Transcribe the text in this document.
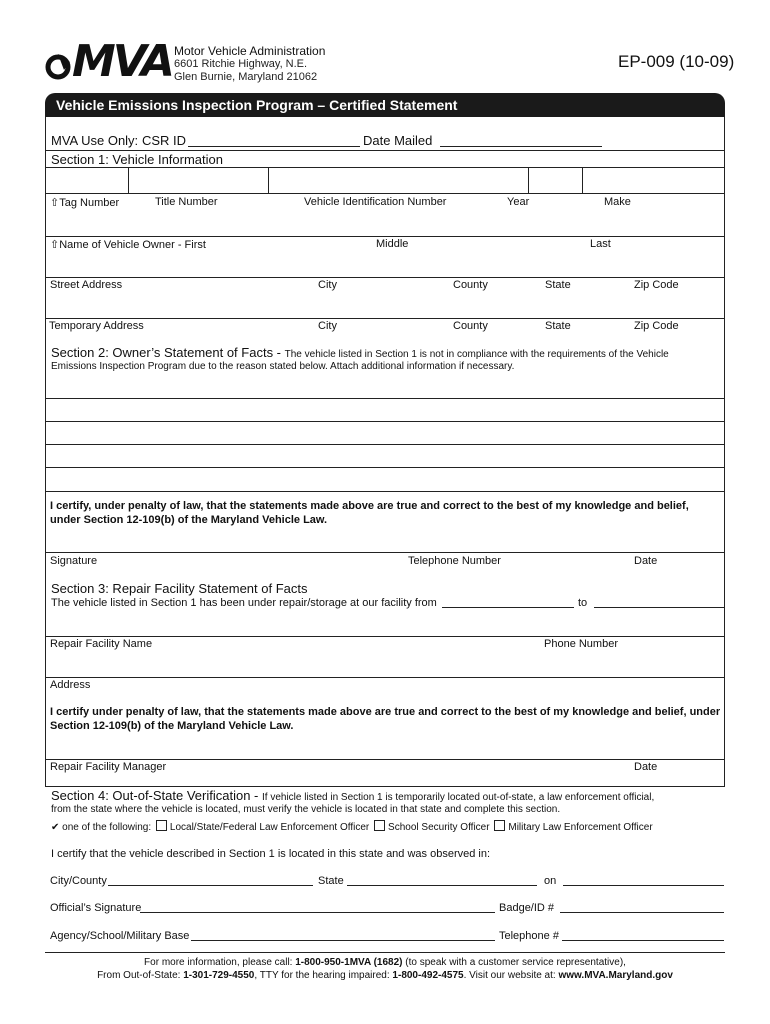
MVA Motor Vehicle Administration
6601 Ritchie Highway, N.E.
Glen Burnie, Maryland 21062
EP-009 (10-09)
Vehicle Emissions Inspection Program – Certified Statement
MVA Use Only: CSR ID	Date Mailed
Section 1: Vehicle Information
⇧Tag Number	Title Number	Vehicle Identification Number	Year	Make
⇧Name of Vehicle Owner - First	Middle	Last
Street Address	City	County	State	Zip Code
Temporary Address	City	County	State	Zip Code
Section 2: Owner’s Statement of Facts - The vehicle listed in Section 1 is not in compliance with the requirements of the Vehicle
Emissions Inspection Program due to the reason stated below. Attach additional information if necessary.
I certify, under penalty of law, that the statements made above are true and correct to the best of my knowledge and belief,
under Section 12-109(b) of the Maryland Vehicle Law.
Signature	Telephone Number	Date
Section 3: Repair Facility Statement of Facts
The vehicle listed in Section 1 has been under repair/storage at our facility from	to
Repair Facility Name	Phone Number
Address
I certify under penalty of law, that the statements made above are true and correct to the best of my knowledge and belief, under
Section 12-109(b) of the Maryland Vehicle Law.
Repair Facility Manager	Date
Section 4: Out-of-State Verification - If vehicle listed in Section 1 is temporarily located out-of-state, a law enforcement official,
from the state where the vehicle is located, must verify the vehicle is located in that state and complete this section.
✔ one of the following: Local/State/Federal Law Enforcement Officer School Security Officer Military Law Enforcement Officer
I certify that the vehicle described in Section 1 is located in this state and was observed in:
City/County	State	on
Official’s Signature	Badge/ID #
Agency/School/Military Base	Telephone #
For more information, please call: 1-800-950-1MVA (1682) (to speak with a customer service representative),
From Out-of-State: 1-301-729-4550, TTY for the hearing impaired: 1-800-492-4575. Visit our website at: www.MVA.Maryland.gov
